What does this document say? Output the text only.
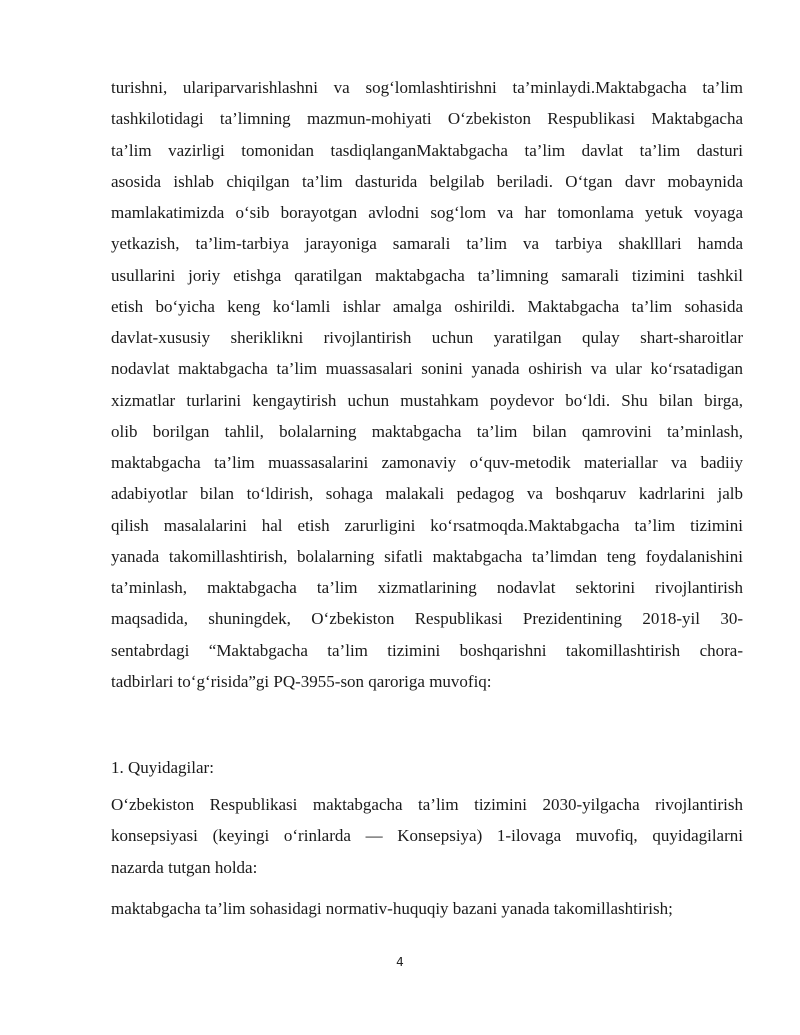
turishni, ulariparvarishlashni va sog‘lomlashtirishni ta’minlaydi.Maktabgacha ta’lim
tashkilotidagi ta’limning mazmun-mohiyati O‘zbekiston Respublikasi Maktabgacha
ta’lim vazirligi tomonidan tasdiqlanganMaktabgacha ta’lim davlat ta’lim dasturi
asosida ishlab chiqilgan ta’lim dasturida belgilab beriladi. O‘tgan davr mobaynida
mamlakatimizda o‘sib borayotgan avlodni sog‘lom va har tomonlama yetuk voyaga
yetkazish, ta’lim-tarbiya jarayoniga samarali ta’lim va tarbiya shaklllari hamda
usullarini joriy etishga qaratilgan maktabgacha ta’limning samarali tizimini tashkil
etish bo‘yicha keng ko‘lamli ishlar amalga oshirildi. Maktabgacha ta’lim sohasida
davlat-xususiy sheriklikni rivojlantirish uchun yaratilgan qulay shart-sharoitlar
nodavlat maktabgacha ta’lim muassasalari sonini yanada oshirish va ular ko‘rsatadigan
xizmatlar turlarini kengaytirish uchun mustahkam poydevor bo‘ldi. Shu bilan birga,
olib borilgan tahlil, bolalarning maktabgacha ta’lim bilan qamrovini ta’minlash,
maktabgacha ta’lim muassasalarini zamonaviy o‘quv-metodik materiallar va badiiy
adabiyotlar bilan to‘ldirish, sohaga malakali pedagog va boshqaruv kadrlarini jalb
qilish masalalarini hal etish zarurligini ko‘rsatmoqda.Maktabgacha ta’lim tizimini
yanada takomillashtirish, bolalarning sifatli maktabgacha ta’limdan teng foydalanishini
ta’minlash, maktabgacha ta’lim xizmatlarining nodavlat sektorini rivojlantirish
maqsadida, shuningdek, O‘zbekiston Respublikasi Prezidentining 2018-yil 30-
sentabrdagi “Maktabgacha ta’lim tizimini boshqarishni takomillashtirish chora-
tadbirlari to‘g‘risida”gi PQ-3955-son qaroriga muvofiq:
1. Quyidagilar:
O‘zbekiston Respublikasi maktabgacha ta’lim tizimini 2030-yilgacha rivojlantirish
konsepsiyasi (keyingi o‘rinlarda — Konsepsiya) 1-ilovaga muvofiq, quyidagilarni
nazarda tutgan holda:
maktabgacha ta’lim sohasidagi normativ-huquqiy bazani yanada takomillashtirish;
4
